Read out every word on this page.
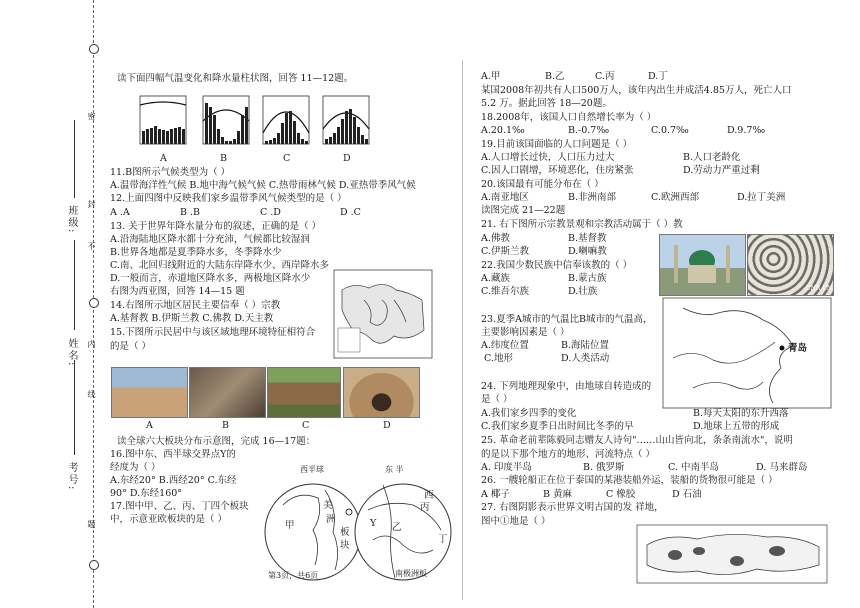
密
封
不
内
线
题
考号:
姓名:
班级:
读下面四幅气温变化和降水量柱状图，回答 11—12题。
A	B	C	D
11.B图所示气候类型为（ ）
A.温带海洋性气候 B.地中海气候气候 C.热带雨林气候 D.亚热带季风气候
12.上面四图中反映我们家乡温带季风气候类型的是（ ）
A .A	B .B	C .D	D .C
13. 关于世界年降水量分布的叙述，正确的是（ ）
A.沿海陆地区降水都十分充沛，气候都比较湿润
B.世界各地都是夏季降水多，冬季降水少
C.南、北回归线附近的大陆东岸降水少、西岸降水多
D.一般而言，赤道地区降水多，两极地区降水少
右图为西亚图，回答 14—15 题
14.右图所示地区居民主要信奉（ ）宗教
A.基督教 B.伊斯兰教 C.佛教 D.天主教
15.下图所示民居中与该区域地理环境特征相符合
的是（ ）
A	B	C	D
读全球六大板块分布示意图，完成 16—17题：
16.图中东、西半球交界点Y的
经度为（ ）
A.东经20° B.西经20° C.东经
90° D.东经160°
17.图中甲、乙、丙、丁四个板块
中，示意亚欧板块的是（ ）
西半球	东 半
美
洲
板
块
甲	Y 乙
丙
丁
西
南极洲板
第3页，共6页
A.甲	B.乙	C.丙	D.丁
某国2008年初共有人口500万人，该年内出生并成活4.85万人，死亡人口
5.2 万。据此回答 18—20题。
18.2008年，该国人口自然增长率为（ ）
A.20.1‰	B.-0.7‰	C.0.7‰	D.9.7‰
19.目前该国面临的人口问题是（ ）
A.人口增长过快，人口压力过大	B.人口老龄化
C.因人口剧增，环境恶化，住房紧张	D.劳动力严重过剩
20.该国最有可能分布在（ ）
A.南亚地区	B.非洲南部	C.欧洲西部	D.拉丁美洲
读图完成 21—22题
21. 右下图所示宗教景观和宗教活动属于（ ）教
A.佛教	B.基督教
C.伊斯兰教	D.喇嘛教
22.我国少数民族中信奉该教的（ ）
A.藏族	B.蒙古族
C.维吾尔族	D.壮族	CNR.CN
23.夏季A城市的气温比B城市的气温高，
主要影响因素是（ ）
A.纬度位置	B.海陆位置
C.地形	D.人类活动
青岛
24. 下列地理现象中，由地球自转造成的
是（ ）
A.我们家乡四季的变化	B.每天太阳的东升西落
C.我们家乡夏季日出时间比冬季的早	D.地球上五带的形成
25. 革命老前辈陈毅同志赠友人诗句"……山山皆向北，条条南流水"，说明
的是以下那个地方的地形、河流特点（ ）
A. 印度半岛	B. 俄罗斯	C. 中南半岛	D. 马来群岛
26. 一艘轮船正在位于泰国的某港装船外运，装船的货物很可能是（ ）
A 椰子	B 黄麻	C 橡胶	D 石油
27. 右图阴影表示世界文明古国的发 祥地，
图中①地是（ ）
